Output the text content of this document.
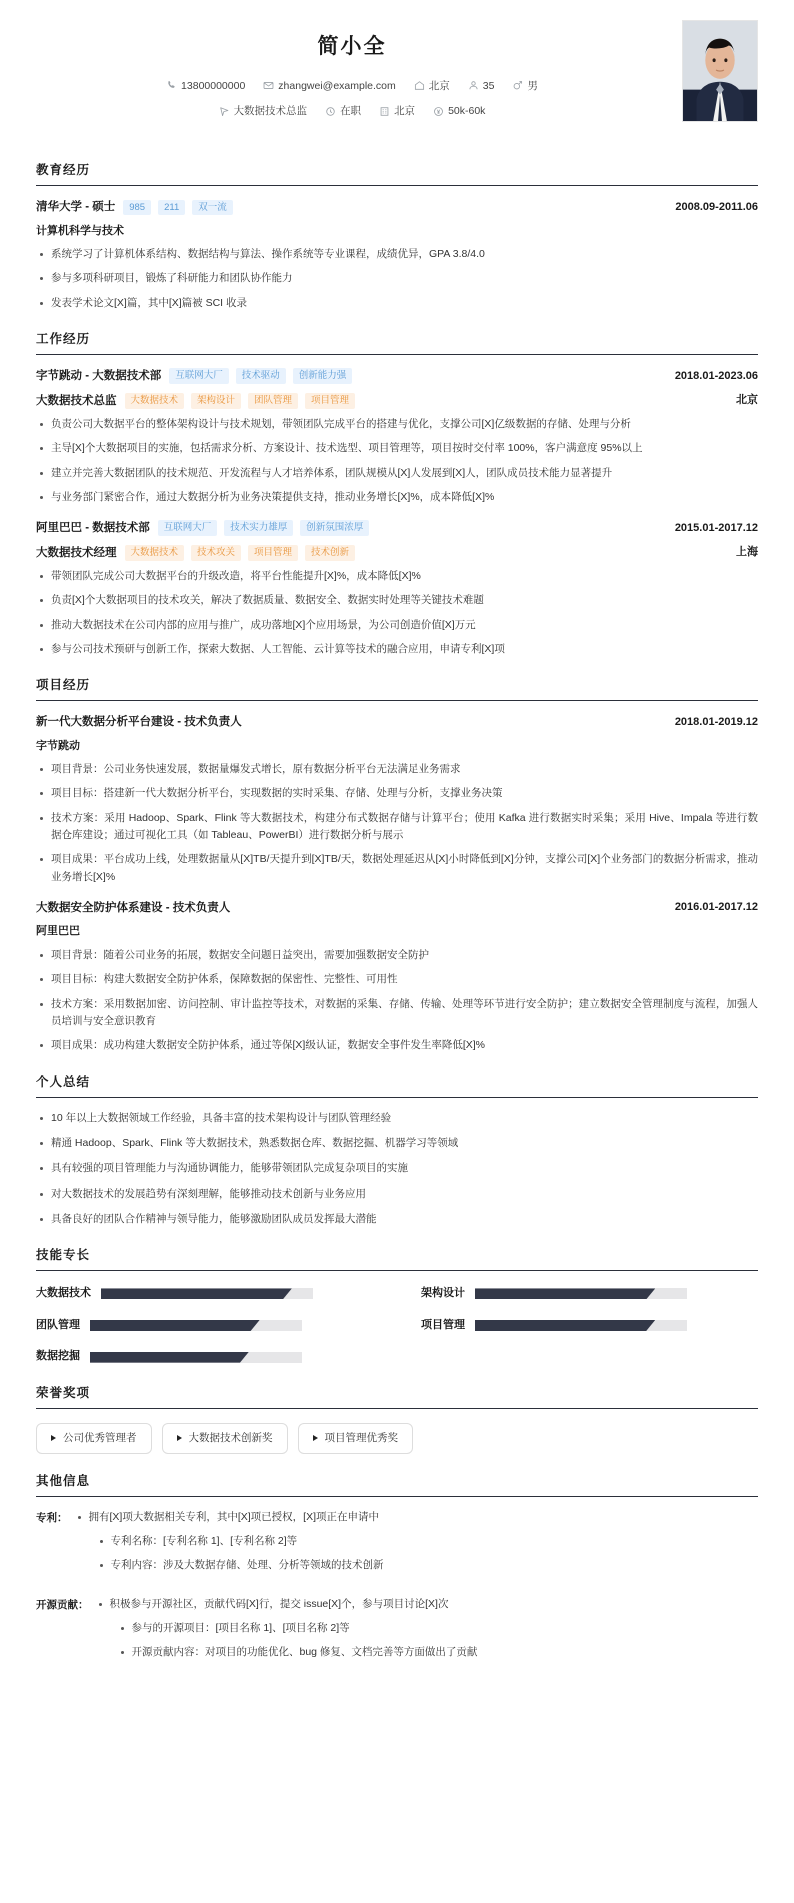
简小全
13800000000	zhangwei@example.com	北京	35	男
大数据技术总监	在职	北京	50k-60k
教育经历
清华大学 - 硕士	985	211	双一流	2008.09-2011.06
计算机科学与技术
系统学习了计算机体系结构、数据结构与算法、操作系统等专业课程，成绩优异，GPA 3.8/4.0
参与多项科研项目，锻炼了科研能力和团队协作能力
发表学术论文[X]篇，其中[X]篇被 SCI 收录
工作经历
字节跳动 - 大数据技术部	互联网大厂	技术驱动	创新能力强	2018.01-2023.06
大数据技术总监	大数据技术	架构设计	团队管理	项目管理	北京
负责公司大数据平台的整体架构设计与技术规划，带领团队完成平台的搭建与优化，支撑公司[X]亿级数据的存储、处理与分析
主导[X]个大数据项目的实施，包括需求分析、方案设计、技术选型、项目管理等，项目按时交付率 100%，客户满意度 95%以上
建立并完善大数据团队的技术规范、开发流程与人才培养体系，团队规模从[X]人发展到[X]人，团队成员技术能力显著提升
与业务部门紧密合作，通过大数据分析为业务决策提供支持，推动业务增长[X]%，成本降低[X]%
阿里巴巴 - 数据技术部	互联网大厂	技术实力雄厚	创新氛围浓厚	2015.01-2017.12
大数据技术经理	大数据技术	技术攻关	项目管理	技术创新	上海
带领团队完成公司大数据平台的升级改造，将平台性能提升[X]%，成本降低[X]%
负责[X]个大数据项目的技术攻关，解决了数据质量、数据安全、数据实时处理等关键技术难题
推动大数据技术在公司内部的应用与推广，成功落地[X]个应用场景，为公司创造价值[X]万元
参与公司技术预研与创新工作，探索大数据、人工智能、云计算等技术的融合应用，申请专利[X]项
项目经历
新一代大数据分析平台建设 - 技术负责人	2018.01-2019.12
字节跳动
项目背景：公司业务快速发展，数据量爆发式增长，原有数据分析平台无法满足业务需求
项目目标：搭建新一代大数据分析平台，实现数据的实时采集、存储、处理与分析，支撑业务决策
技术方案：采用 Hadoop、Spark、Flink 等大数据技术，构建分布式数据存储与计算平台；使用 Kafka 进行数据实时采集；采用 Hive、Impala 等进行数据仓库建设；通过可视化工具（如 Tableau、PowerBI）进行数据分析与展示
项目成果：平台成功上线，处理数据量从[X]TB/天提升到[X]TB/天，数据处理延迟从[X]小时降低到[X]分钟，支撑公司[X]个业务部门的数据分析需求，推动业务增长[X]%
大数据安全防护体系建设 - 技术负责人	2016.01-2017.12
阿里巴巴
项目背景：随着公司业务的拓展，数据安全问题日益突出，需要加强数据安全防护
项目目标：构建大数据安全防护体系，保障数据的保密性、完整性、可用性
技术方案：采用数据加密、访问控制、审计监控等技术，对数据的采集、存储、传输、处理等环节进行安全防护；建立数据安全管理制度与流程，加强人员培训与安全意识教育
项目成果：成功构建大数据安全防护体系，通过等保[X]级认证，数据安全事件发生率降低[X]%
个人总结
10 年以上大数据领域工作经验，具备丰富的技术架构设计与团队管理经验
精通 Hadoop、Spark、Flink 等大数据技术，熟悉数据仓库、数据挖掘、机器学习等领域
具有较强的项目管理能力与沟通协调能力，能够带领团队完成复杂项目的实施
对大数据技术的发展趋势有深刻理解，能够推动技术创新与业务应用
具备良好的团队合作精神与领导能力，能够激励团队成员发挥最大潜能
技能专长
大数据技术	架构设计
团队管理	项目管理
数据挖掘
荣誉奖项
公司优秀管理者	大数据技术创新奖	项目管理优秀奖
其他信息
专利：	拥有[X]项大数据相关专利，其中[X]项已授权，[X]项正在申请中
专利名称：[专利名称 1]、[专利名称 2]等
专利内容：涉及大数据存储、处理、分析等领域的技术创新
开源贡献：	积极参与开源社区，贡献代码[X]行，提交 issue[X]个，参与项目讨论[X]次
参与的开源项目：[项目名称 1]、[项目名称 2]等
开源贡献内容：对项目的功能优化、bug 修复、文档完善等方面做出了贡献
